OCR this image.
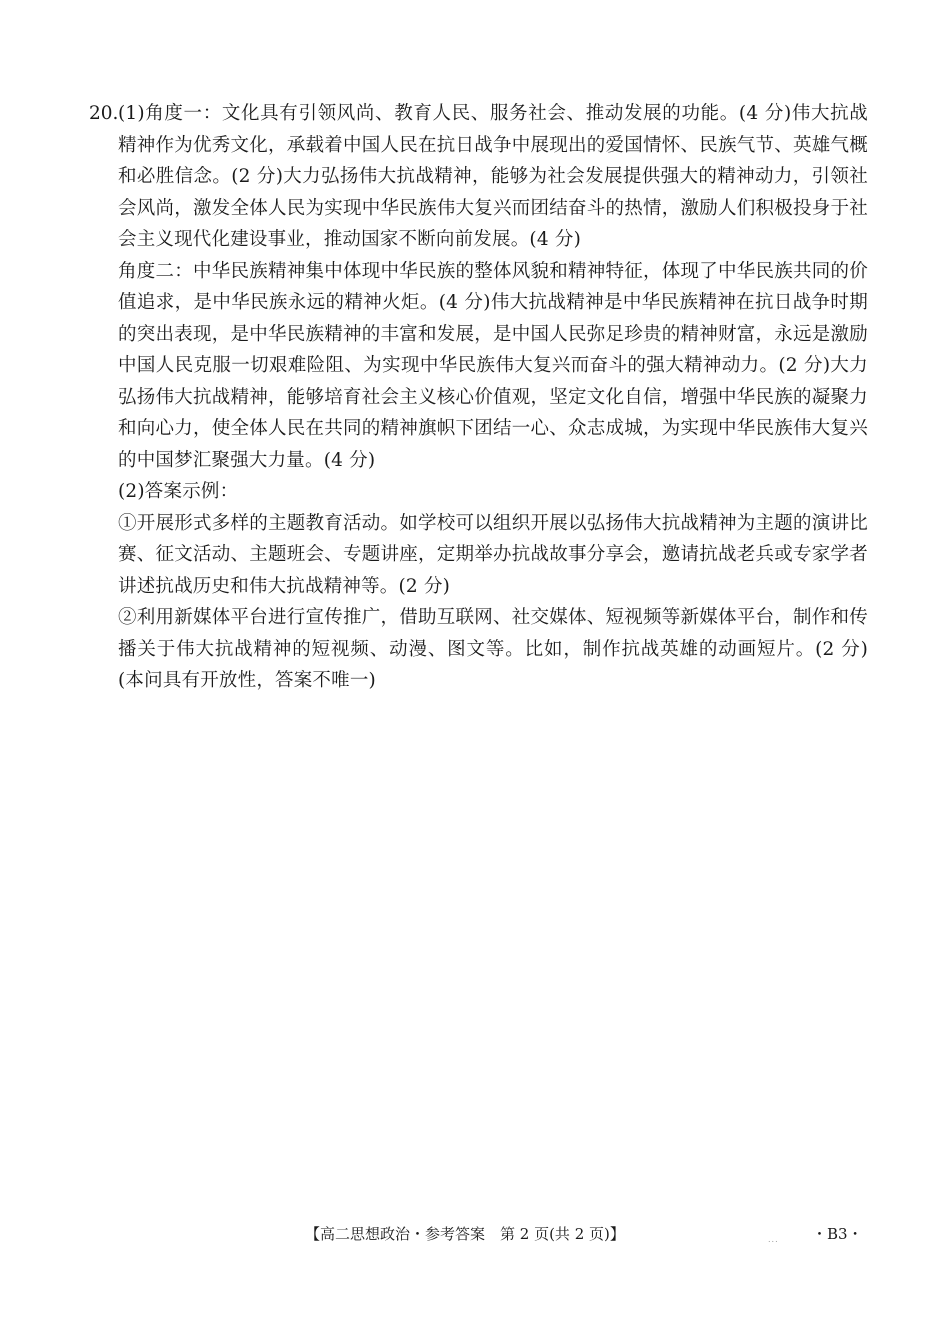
20. (1)角度一：文化具有引领风尚、教育人民、服务社会、推动发展的功能。(4 分)伟大抗战精神作为优秀文化，承载着中国人民在抗日战争中展现出的爱国情怀、民族气节、英雄气概和必胜信念。(2 分)大力弘扬伟大抗战精神，能够为社会发展提供强大的精神动力，引领社会风尚，激发全体人民为实现中华民族伟大复兴而团结奋斗的热情，激励人们积极投身于社会主义现代化建设事业，推动国家不断向前发展。(4 分)

角度二：中华民族精神集中体现中华民族的整体风貌和精神特征，体现了中华民族共同的价值追求，是中华民族永远的精神火炬。(4 分)伟大抗战精神是中华民族精神在抗日战争时期的突出表现，是中华民族精神的丰富和发展，是中国人民弥足珍贵的精神财富，永远是激励中国人民克服一切艰难险阻、为实现中华民族伟大复兴而奋斗的强大精神动力。(2 分)大力弘扬伟大抗战精神，能够培育社会主义核心价值观，坚定文化自信，增强中华民族的凝聚力和向心力，使全体人民在共同的精神旗帜下团结一心、众志成城，为实现中华民族伟大复兴的中国梦汇聚强大力量。(4 分)

(2)答案示例：

①开展形式多样的主题教育活动。如学校可以组织开展以弘扬伟大抗战精神为主题的演讲比赛、征文活动、主题班会、专题讲座，定期举办抗战故事分享会，邀请抗战老兵或专家学者讲述抗战历史和伟大抗战精神等。(2 分)

②利用新媒体平台进行宣传推广，借助互联网、社交媒体、短视频等新媒体平台，制作和传播关于伟大抗战精神的短视频、动漫、图文等。比如，制作抗战英雄的动画短片。(2 分)(本问具有开放性，答案不唯一)

【高二思想政治・参考答案　第 2 页(共 2 页)】	... ・B3・
